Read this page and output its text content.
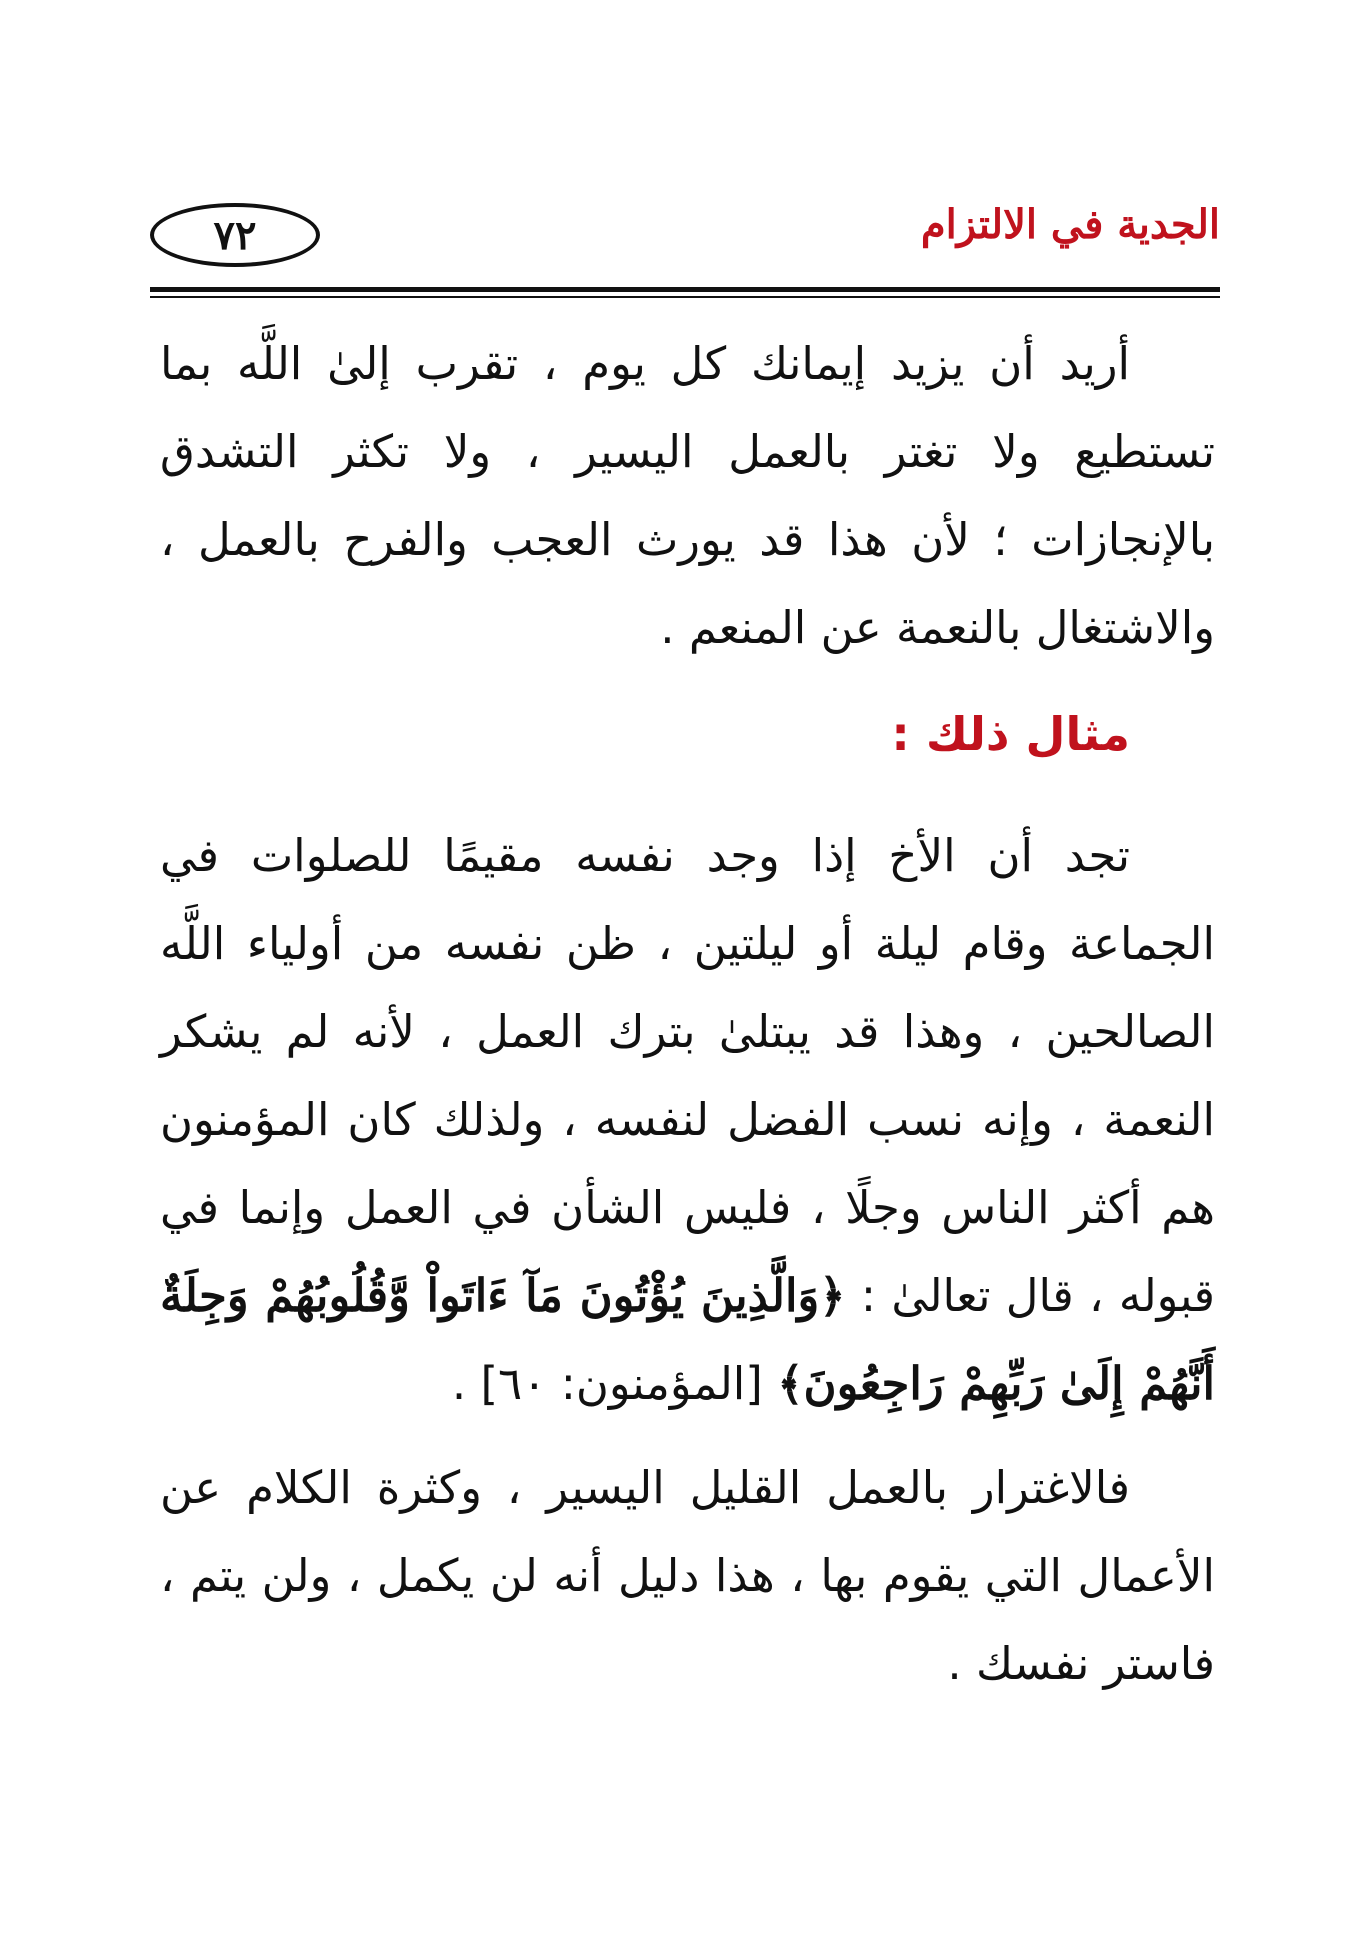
٧٢	الجدية في الالتزام

أريد أن يزيد إيمانك كل يوم ، تقرب إلىٰ اللَّه بما تستطيع ولا تغتر بالعمل اليسير ، ولا تكثر التشدق بالإنجازات ؛ لأن هذا قد يورث العجب والفرح بالعمل ، والاشتغال بالنعمة عن المنعم .

مثال ذلك :

تجد أن الأخ إذا وجد نفسه مقيمًا للصلوات في الجماعة وقام ليلة أو ليلتين ، ظن نفسه من أولياء اللَّه الصالحين ، وهذا قد يبتلىٰ بترك العمل ، لأنه لم يشكر النعمة ، وإنه نسب الفضل لنفسه ، ولذلك كان المؤمنون هم أكثر الناس وجلًا ، فليس الشأن في العمل وإنما في قبوله ، قال تعالىٰ : ﴿وَالَّذِينَ يُؤْتُونَ مَآ ءَاتَواْ وَّقُلُوبُهُمْ وَجِلَةٌ أَنَّهُمْ إِلَىٰ رَبِّهِمْ رَاجِعُونَ﴾ [المؤمنون: ٦٠] .

فالاغترار بالعمل القليل اليسير ، وكثرة الكلام عن الأعمال التي يقوم بها ، هذا دليل أنه لن يكمل ، ولن يتم ، فاستر نفسك .
